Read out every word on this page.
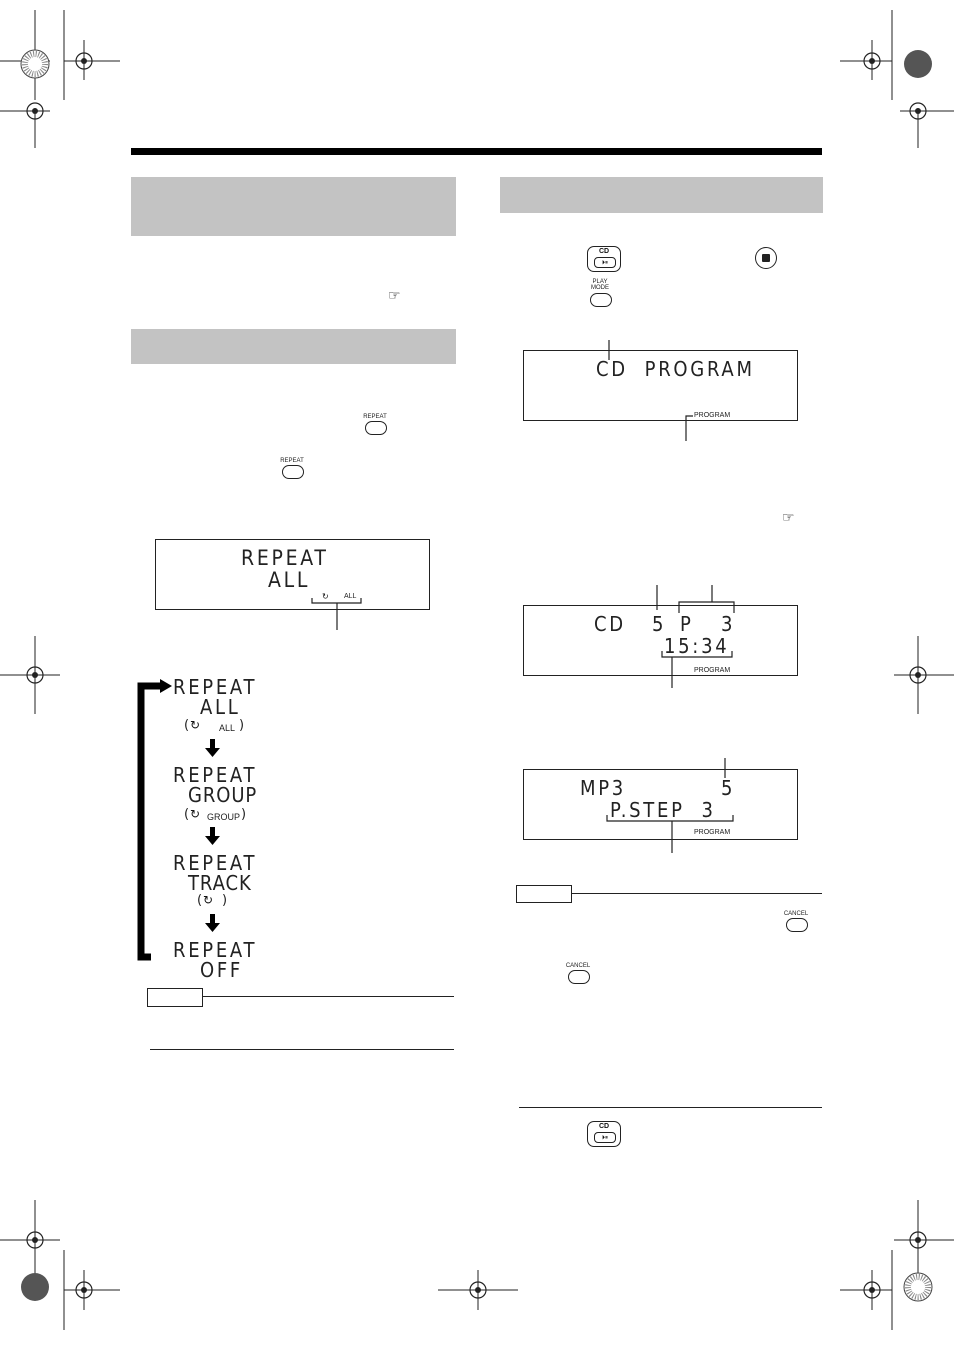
☞
REPEAT
REPEAT
REPEAT
ALL
↻ ALL
REPEAT
ALL
( ↻ ALL )
REPEAT
GROUP
( ↻ GROUP )
REPEAT
TRACK
( ↻ )
REPEAT
OFF
CD
⏵⏸
PLAY
MODE
CD  PROGRAM
PROGRAM
☞
CD 5 P 3
15:34
PROGRAM
MP3	5
P.STEP  3
PROGRAM
CANCEL
CANCEL
CD
⏵⏸
